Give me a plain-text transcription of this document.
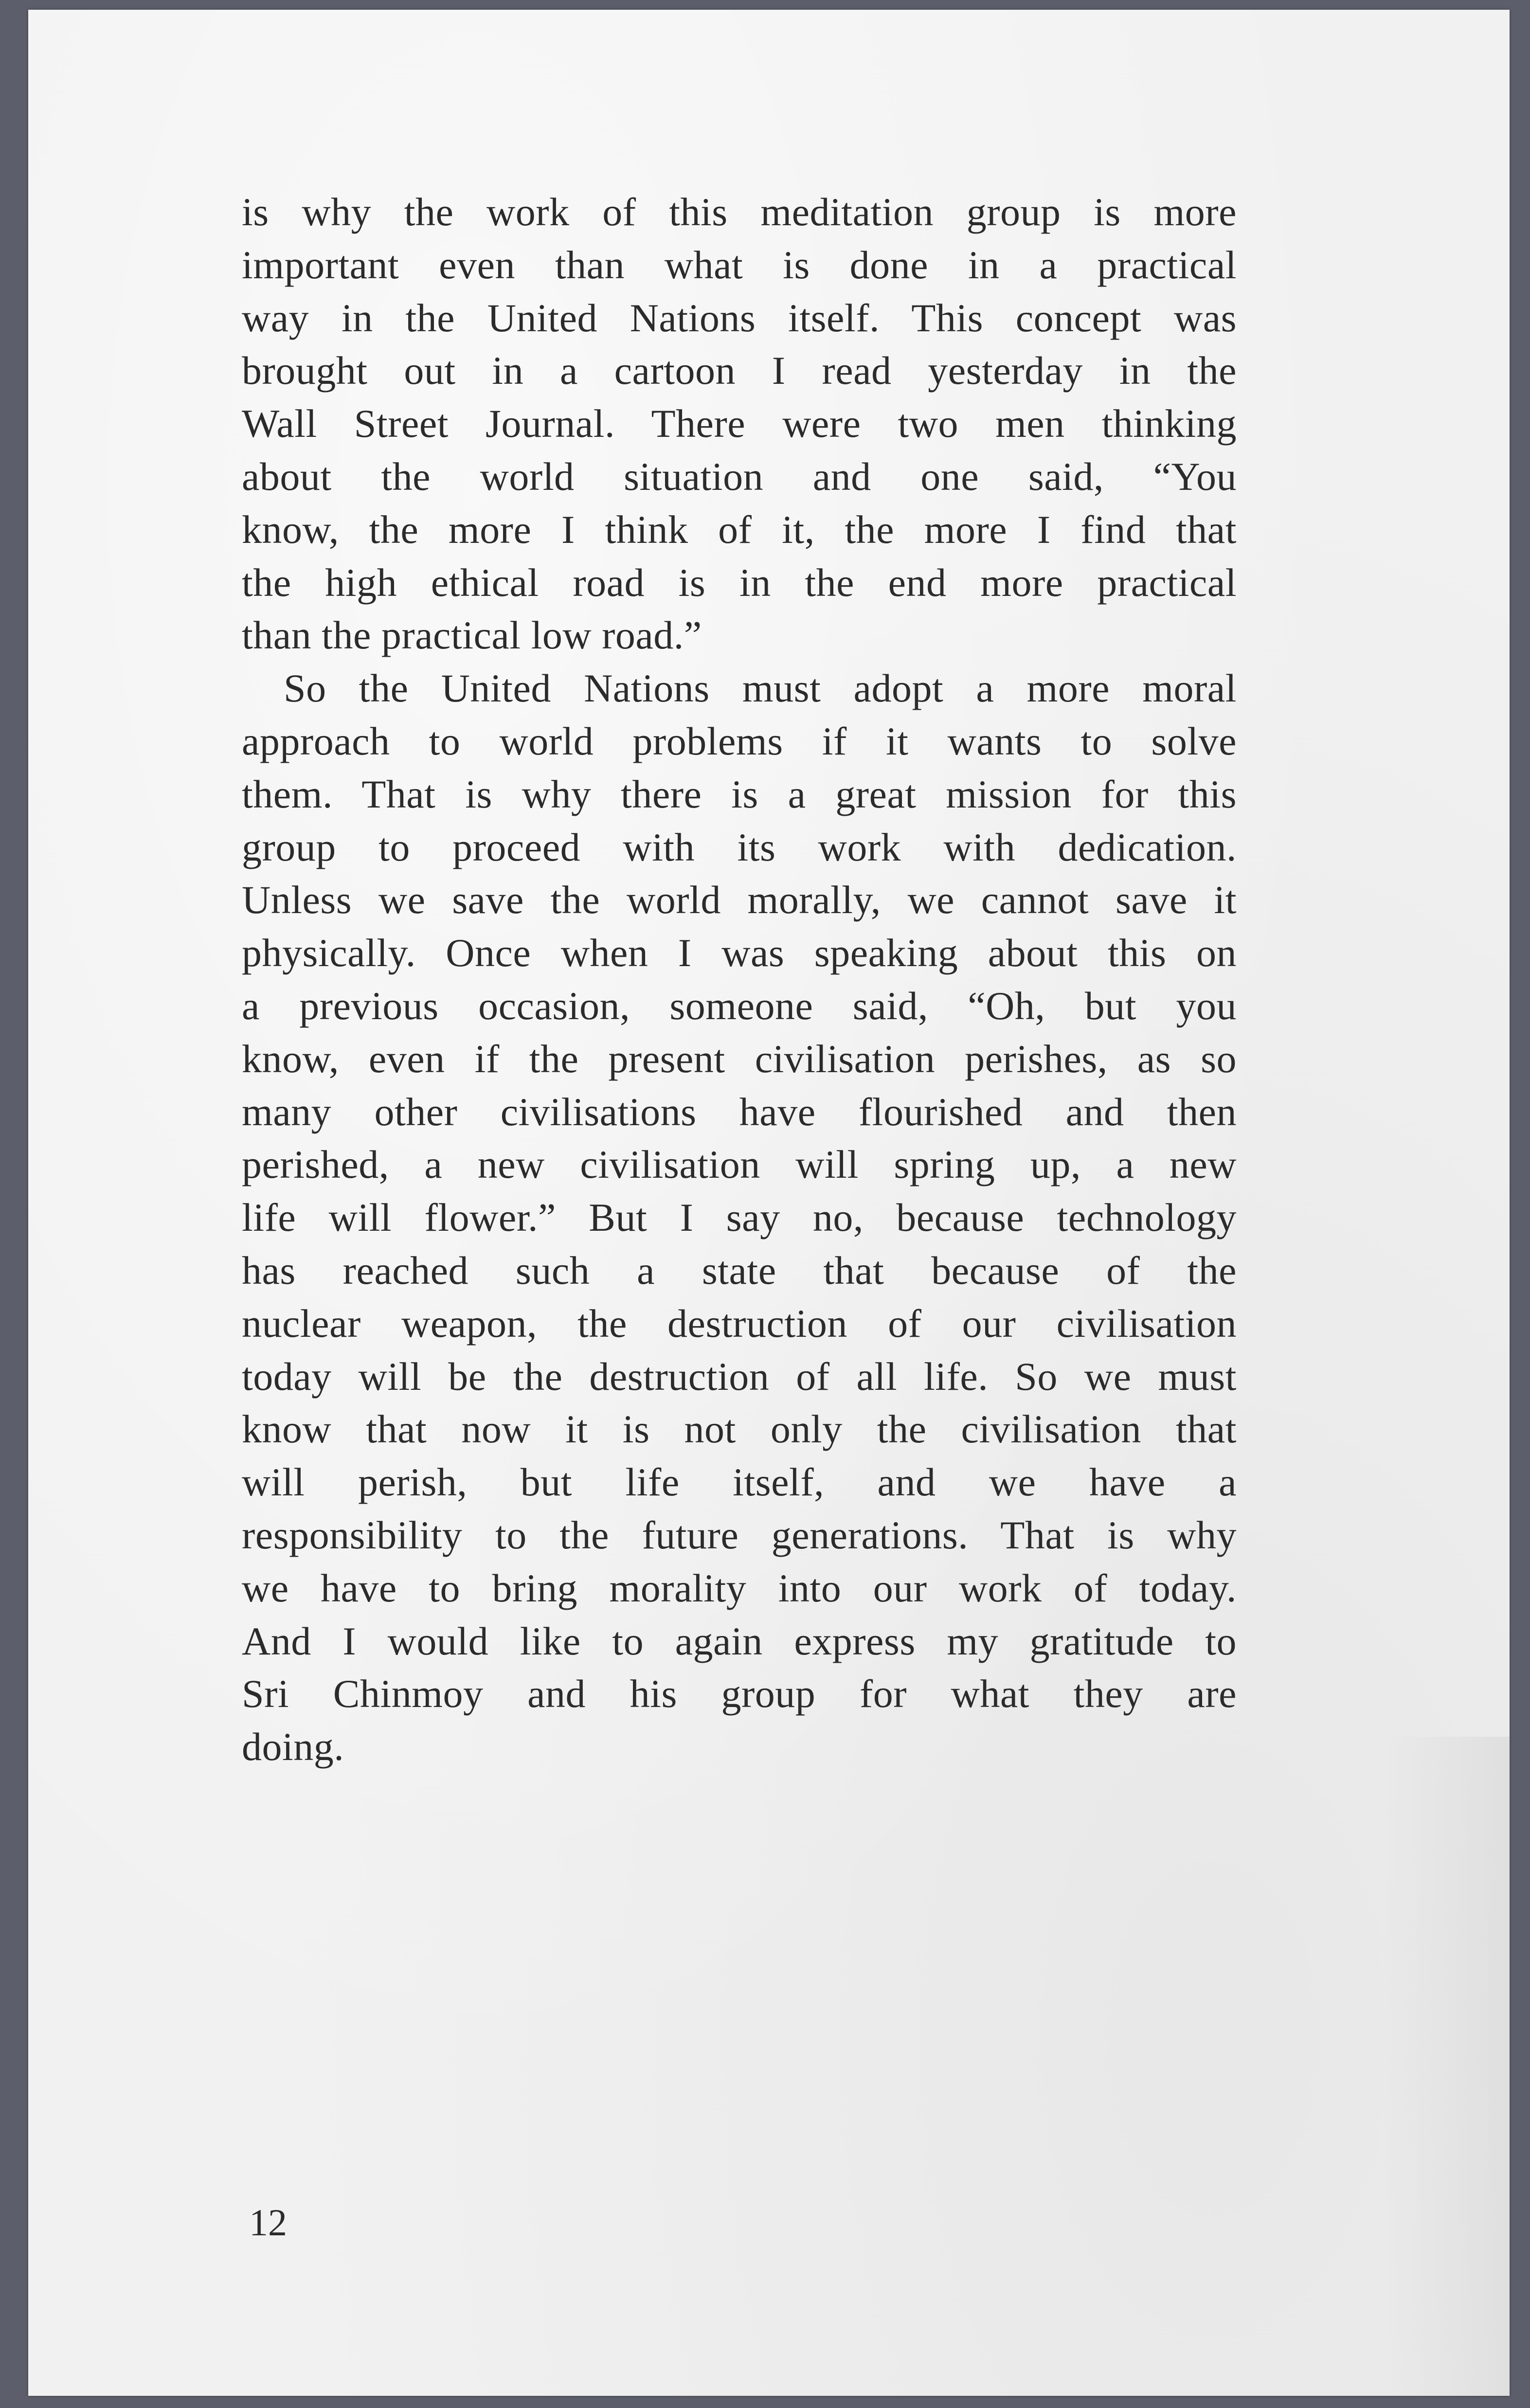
is why the work of this meditation group is more
important even than what is done in a practical
way in the United Nations itself. This concept was
brought out in a cartoon I read yesterday in the
Wall Street Journal. There were two men thinking
about the world situation and one said, “You
know, the more I think of it, the more I find that
the high ethical road is in the end more practical
than the practical low road.”
So the United Nations must adopt a more moral
approach to world problems if it wants to solve
them. That is why there is a great mission for this
group to proceed with its work with dedication.
Unless we save the world morally, we cannot save it
physically. Once when I was speaking about this on
a previous occasion, someone said, “Oh, but you
know, even if the present civilisation perishes, as so
many other civilisations have flourished and then
perished, a new civilisation will spring up, a new
life will flower.” But I say no, because technology
has reached such a state that because of the
nuclear weapon, the destruction of our civilisation
today will be the destruction of all life. So we must
know that now it is not only the civilisation that
will perish, but life itself, and we have a
responsibility to the future generations. That is why
we have to bring morality into our work of today.
And I would like to again express my gratitude to
Sri Chinmoy and his group for what they are
doing.

12
